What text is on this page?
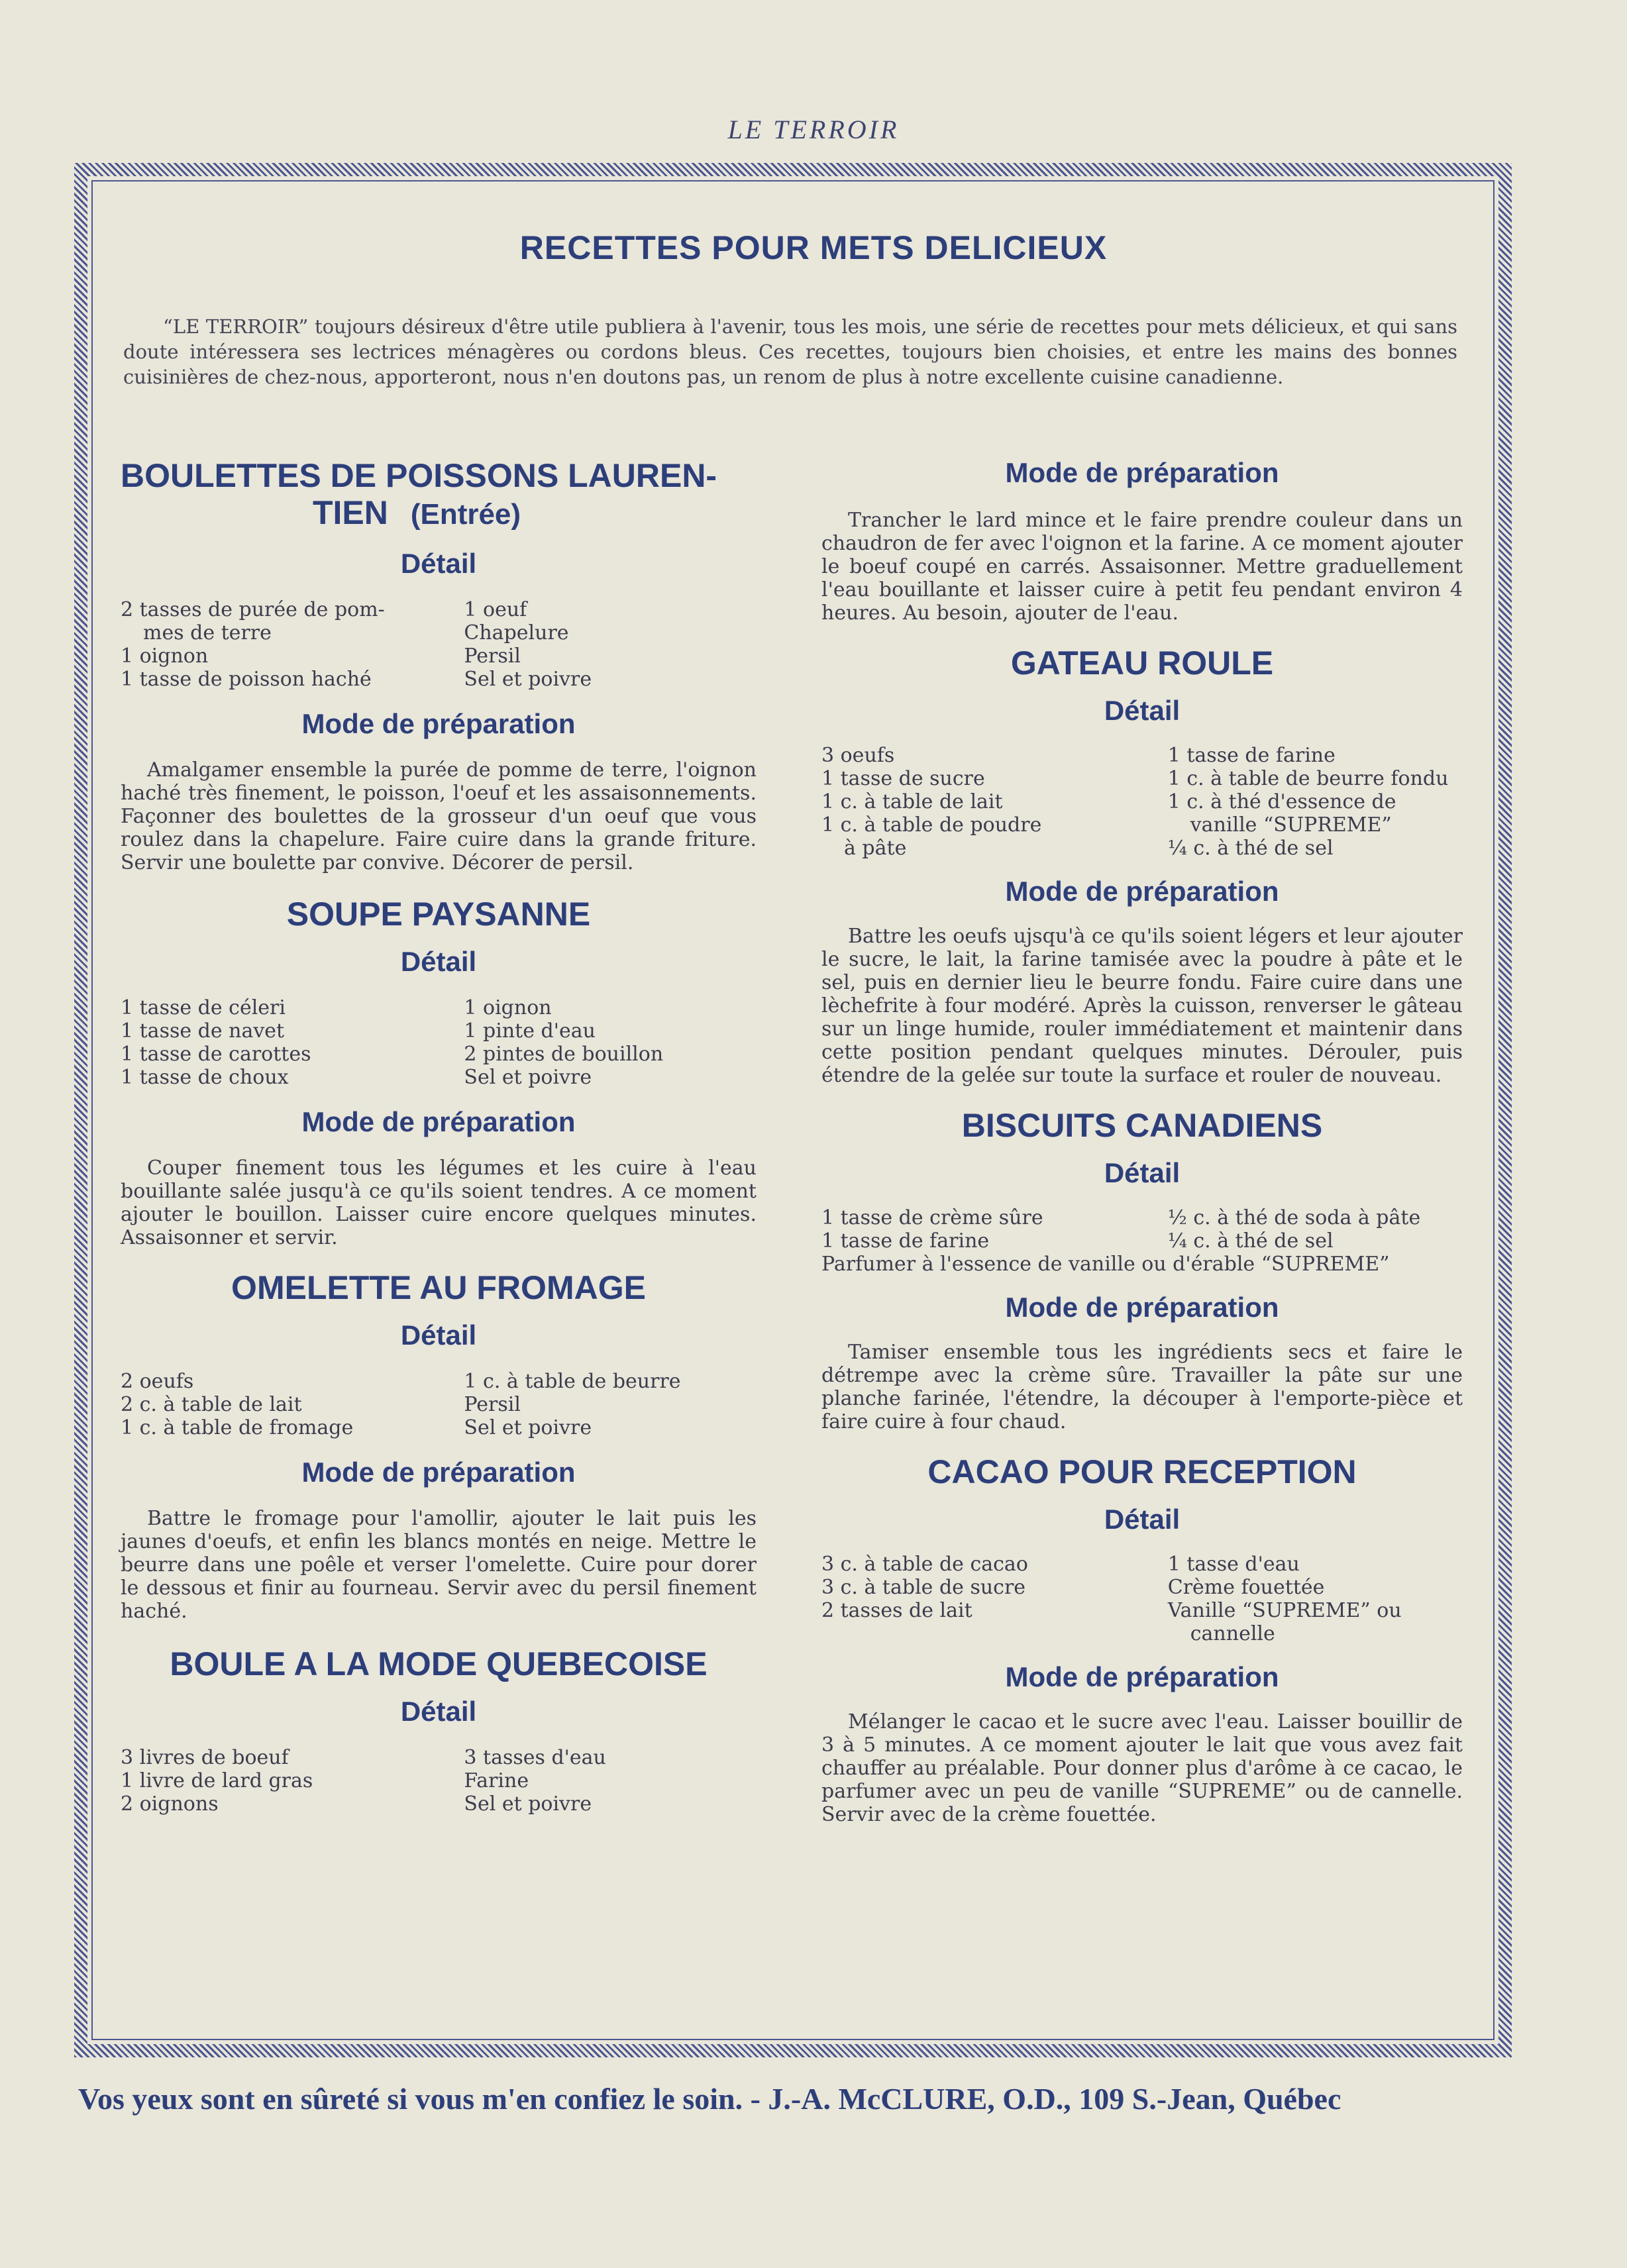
LE TERROIR
RECETTES POUR METS DELICIEUX
“LE TERROIR” toujours désireux d'être utile publiera à l'avenir, tous les mois, une série de recettes pour mets délicieux, et qui sans doute intéressera ses lectrices ménagères ou cordons bleus. Ces recettes, toujours bien choisies, et entre les mains des bonnes cuisinières de chez-nous, apporteront, nous n'en doutons pas, un renom de plus à notre excellente cuisine canadienne.
BOULETTES DE POISSONS LAUREN-
TIEN (Entrée)
Détail
2 tasses de purée de pom-
mes de terre
1 oignon
1 tasse de poisson haché
1 oeuf
Chapelure
Persil
Sel et poivre
Mode de préparation

Amalgamer ensemble la purée de pomme de terre, l'oignon haché très finement, le poisson, l'oeuf et les assaisonnements. Façonner des boulettes de la grosseur d'un oeuf que vous roulez dans la chapelure. Faire cuire dans la grande friture. Servir une boulette par convive. Décorer de persil.

SOUPE PAYSANNE
Détail
1 tasse de céleri
1 tasse de navet
1 tasse de carottes
1 tasse de choux
1 oignon
1 pinte d'eau
2 pintes de bouillon
Sel et poivre
Mode de préparation

Couper finement tous les légumes et les cuire à l'eau bouillante salée jusqu'à ce qu'ils soient tendres. A ce moment ajouter le bouillon. Laisser cuire encore quelques minutes. Assaisonner et servir.

OMELETTE AU FROMAGE
Détail
2 oeufs
2 c. à table de lait
1 c. à table de fromage
1 c. à table de beurre
Persil
Sel et poivre
Mode de préparation

Battre le fromage pour l'amollir, ajouter le lait puis les jaunes d'oeufs, et enfin les blancs montés en neige. Mettre le beurre dans une poêle et verser l'omelette. Cuire pour dorer le dessous et finir au fourneau. Servir avec du persil finement haché.

BOULE A LA MODE QUEBECOISE
Détail
3 livres de boeuf
1 livre de lard gras
2 oignons
3 tasses d'eau
Farine
Sel et poivre
Mode de préparation

Trancher le lard mince et le faire prendre couleur dans un chaudron de fer avec l'oignon et la farine. A ce moment ajouter le boeuf coupé en carrés. Assaisonner. Mettre graduellement l'eau bouillante et laisser cuire à petit feu pendant environ 4 heures. Au besoin, ajouter de l'eau.

GATEAU ROULE
Détail
3 oeufs
1 tasse de sucre
1 c. à table de lait
1 c. à table de poudre
à pâte
1 tasse de farine
1 c. à table de beurre fondu
1 c. à thé d'essence de
vanille “SUPREME”
¼ c. à thé de sel
Mode de préparation

Battre les oeufs ujsqu'à ce qu'ils soient légers et leur ajouter le sucre, le lait, la farine tamisée avec la poudre à pâte et le sel, puis en dernier lieu le beurre fondu. Faire cuire dans une lèchefrite à four modéré. Après la cuisson, renverser le gâteau sur un linge humide, rouler immédiatement et maintenir dans cette position pendant quelques minutes. Dérouler, puis étendre de la gelée sur toute la surface et rouler de nouveau.

BISCUITS CANADIENS
Détail
1 tasse de crème sûre
1 tasse de farine
½ c. à thé de soda à pâte
¼ c. à thé de sel
Parfumer à l'essence de vanille ou d'érable “SUPREME”
Mode de préparation

Tamiser ensemble tous les ingrédients secs et faire le détrempe avec la crème sûre. Travailler la pâte sur une planche farinée, l'étendre, la découper à l'emporte-pièce et faire cuire à four chaud.

CACAO POUR RECEPTION
Détail
3 c. à table de cacao
3 c. à table de sucre
2 tasses de lait
1 tasse d'eau
Crème fouettée
Vanille “SUPREME” ou
cannelle
Mode de préparation

Mélanger le cacao et le sucre avec l'eau. Laisser bouillir de 3 à 5 minutes. A ce moment ajouter le lait que vous avez fait chauffer au préalable. Pour donner plus d'arôme à ce cacao, le parfumer avec un peu de vanille “SUPREME” ou de cannelle. Servir avec de la crème fouettée.

Vos yeux sont en sûreté si vous m'en confiez le soin. - J.-A. McCLURE, O.D., 109 S.-Jean, Québec
